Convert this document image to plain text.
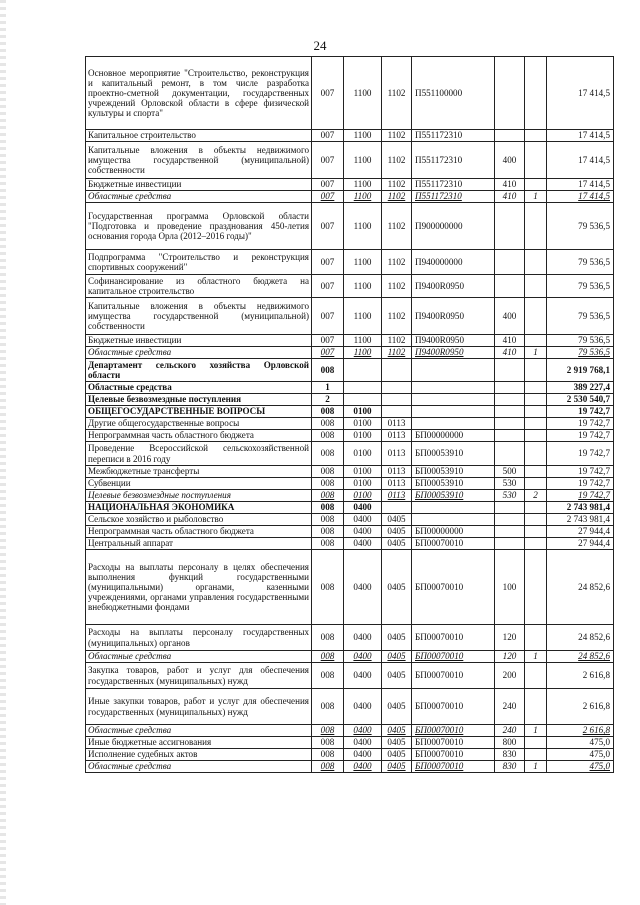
24
Основное мероприятие "Строительство, реконструкция и капитальный ремонт, в том числе разработка проектно-сметной документации, государственных учреждений Орловской области в сфере физической культуры и спорта"	007	1100	1102	П551100000			17 414,5
Капитальное строительство	007	1100	1102	П551172310			17 414,5
Капитальные вложения в объекты недвижимого имущества государственной (муниципальной) собственности	007	1100	1102	П551172310	400		17 414,5
Бюджетные инвестиции	007	1100	1102	П551172310	410		17 414,5
Областные средства	007	1100	1102	П551172310	410	1	17 414,5
Государственная программа Орловской области "Подготовка и проведение празднования 450-летия основания города Орла (2012–2016 годы)"	007	1100	1102	П900000000			79 536,5
Подпрограмма "Строительство и реконструкция спортивных сооружений"	007	1100	1102	П940000000			79 536,5
Софинансирование из областного бюджета на капитальное строительство	007	1100	1102	П9400R0950			79 536,5
Капитальные вложения в объекты недвижимого имущества государственной (муниципальной) собственности	007	1100	1102	П9400R0950	400		79 536,5
Бюджетные инвестиции	007	1100	1102	П9400R0950	410		79 536,5
Областные средства	007	1100	1102	П9400R0950	410	1	79 536,5
Департамент сельского хозяйства Орловской области	008						2 919 768,1
Областные средства	1						389 227,4
Целевые безвозмездные поступления	2						2 530 540,7
ОБЩЕГОСУДАРСТВЕННЫЕ ВОПРОСЫ	008	0100					19 742,7
Другие общегосударственные вопросы	008	0100	0113				19 742,7
Непрограммная часть областного бюджета	008	0100	0113	БП00000000			19 742,7
Проведение Всероссийской сельскохозяйственной переписи в 2016 году	008	0100	0113	БП00053910			19 742,7
Межбюджетные трансферты	008	0100	0113	БП00053910	500		19 742,7
Субвенции	008	0100	0113	БП00053910	530		19 742,7
Целевые безвозмездные поступления	008	0100	0113	БП00053910	530	2	19 742,7
НАЦИОНАЛЬНАЯ ЭКОНОМИКА	008	0400					2 743 981,4
Сельское хозяйство и рыболовство	008	0400	0405				2 743 981,4
Непрограммная часть областного бюджета	008	0400	0405	БП00000000			27 944,4
Центральный аппарат	008	0400	0405	БП00070010			27 944,4
Расходы на выплаты персоналу в целях обеспечения выполнения функций государственными (муниципальными) органами, казенными учреждениями, органами управления государственными внебюджетными фондами	008	0400	0405	БП00070010	100		24 852,6
Расходы на выплаты персоналу государственных (муниципальных) органов	008	0400	0405	БП00070010	120		24 852,6
Областные средства	008	0400	0405	БП00070010	120	1	24 852,6
Закупка товаров, работ и услуг для обеспечения государственных (муниципальных) нужд	008	0400	0405	БП00070010	200		2 616,8
Иные закупки товаров, работ и услуг для обеспечения государственных (муниципальных) нужд	008	0400	0405	БП00070010	240		2 616,8
Областные средства	008	0400	0405	БП00070010	240	1	2 616,8
Иные бюджетные ассигнования	008	0400	0405	БП00070010	800		475,0
Исполнение судебных актов	008	0400	0405	БП00070010	830		475,0
Областные средства	008	0400	0405	БП00070010	830	1	475,0
